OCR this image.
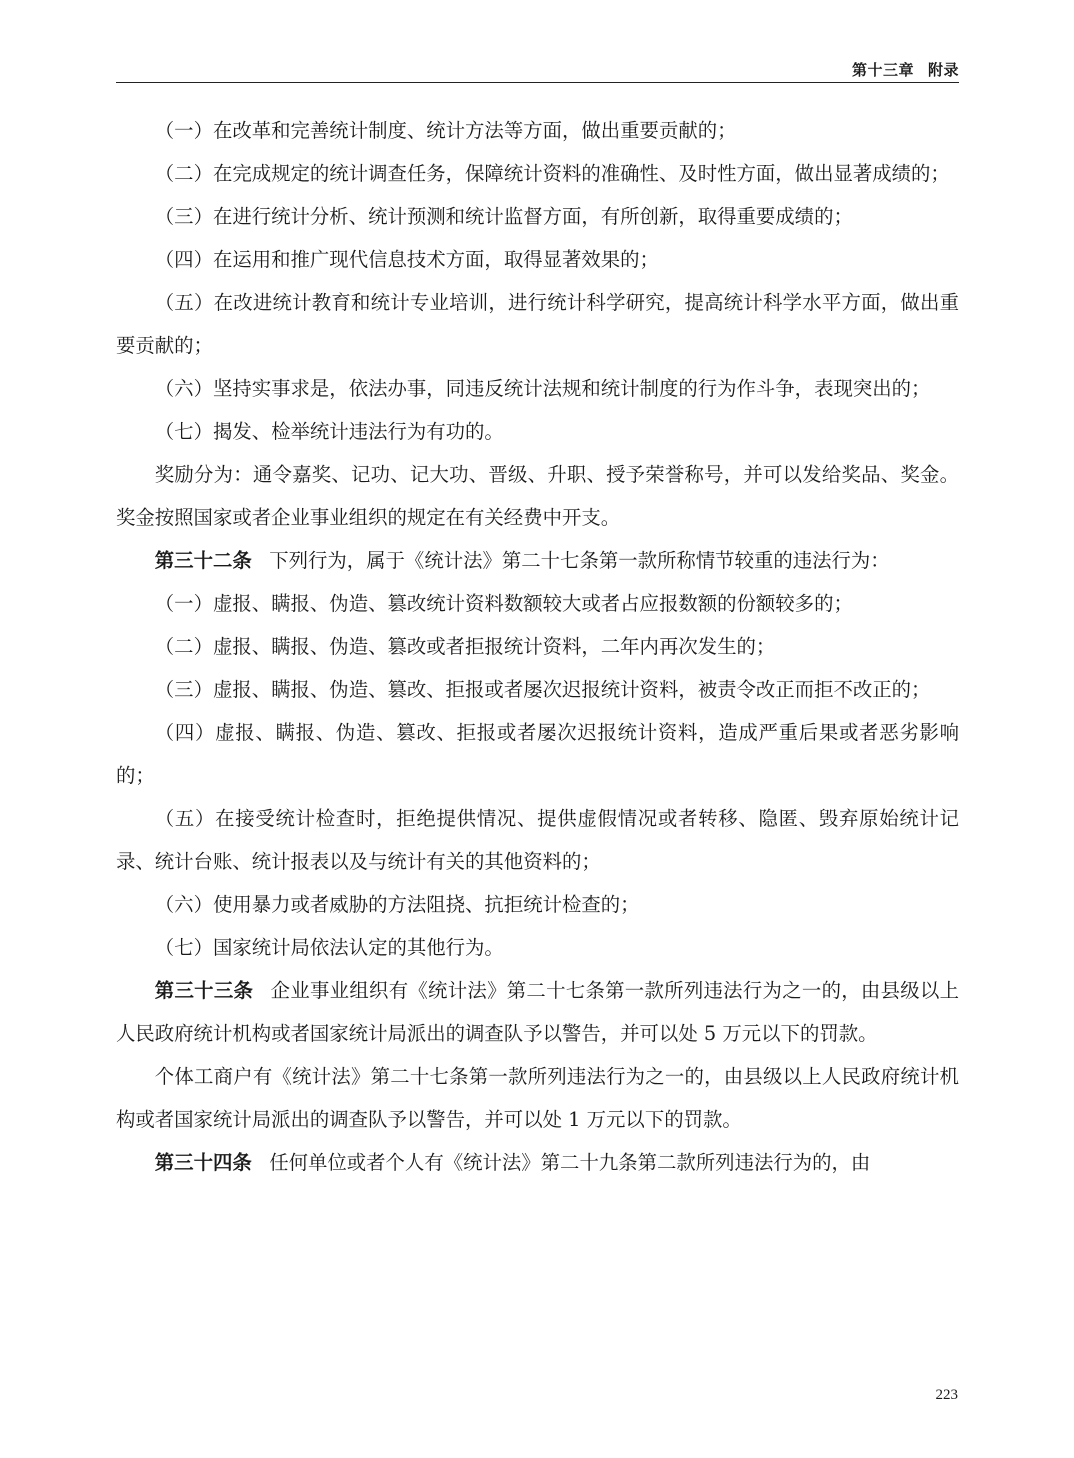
第十三章 附录

（一）在改革和完善统计制度、统计方法等方面，做出重要贡献的；

（二）在完成规定的统计调查任务，保障统计资料的准确性、及时性方面，做出显著成绩的；

（三）在进行统计分析、统计预测和统计监督方面，有所创新，取得重要成绩的；

（四）在运用和推广现代信息技术方面，取得显著效果的；

（五）在改进统计教育和统计专业培训，进行统计科学研究，提高统计科学水平方面，做出重要贡献的；

（六）坚持实事求是，依法办事，同违反统计法规和统计制度的行为作斗争，表现突出的；

（七）揭发、检举统计违法行为有功的。

奖励分为：通令嘉奖、记功、记大功、晋级、升职、授予荣誉称号，并可以发给奖品、奖金。奖金按照国家或者企业事业组织的规定在有关经费中开支。

第三十二条 下列行为，属于《统计法》第二十七条第一款所称情节较重的违法行为：

（一）虚报、瞒报、伪造、篡改统计资料数额较大或者占应报数额的份额较多的；

（二）虚报、瞒报、伪造、篡改或者拒报统计资料，二年内再次发生的；

（三）虚报、瞒报、伪造、篡改、拒报或者屡次迟报统计资料，被责令改正而拒不改正的；

（四）虚报、瞒报、伪造、篡改、拒报或者屡次迟报统计资料，造成严重后果或者恶劣影响的；

（五）在接受统计检查时，拒绝提供情况、提供虚假情况或者转移、隐匿、毁弃原始统计记录、统计台账、统计报表以及与统计有关的其他资料的；

（六）使用暴力或者威胁的方法阻挠、抗拒统计检查的；

（七）国家统计局依法认定的其他行为。

第三十三条 企业事业组织有《统计法》第二十七条第一款所列违法行为之一的，由县级以上人民政府统计机构或者国家统计局派出的调查队予以警告，并可以处 5 万元以下的罚款。

个体工商户有《统计法》第二十七条第一款所列违法行为之一的，由县级以上人民政府统计机构或者国家统计局派出的调查队予以警告，并可以处 1 万元以下的罚款。

第三十四条 任何单位或者个人有《统计法》第二十九条第二款所列违法行为的，由

223
